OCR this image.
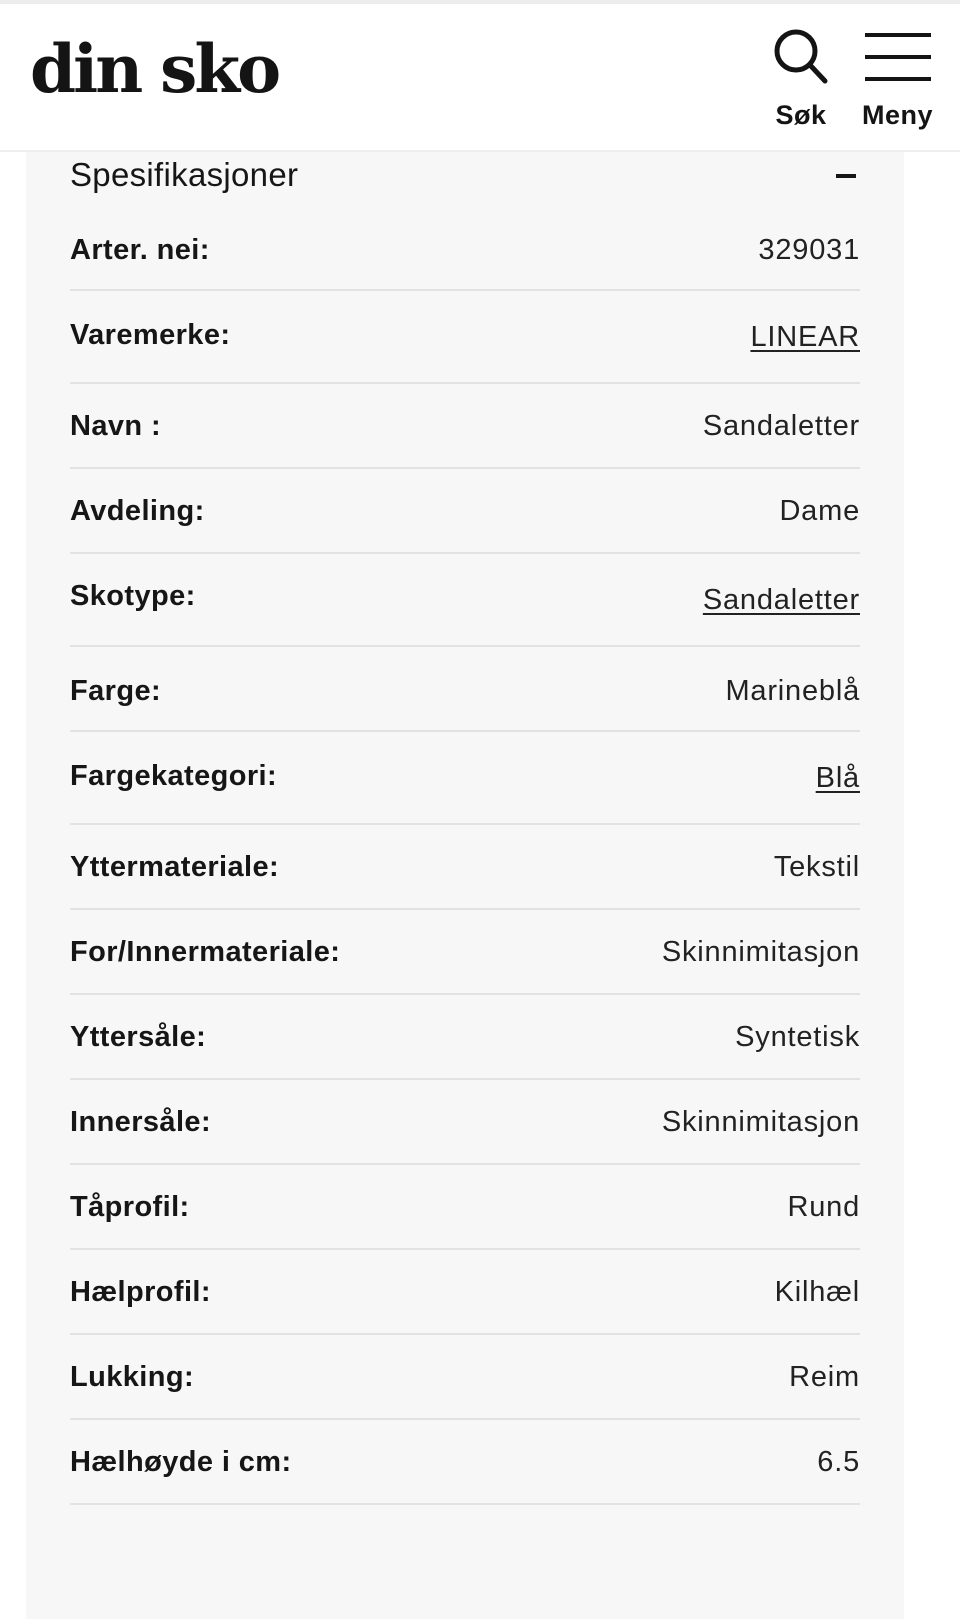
din sko
Søk Meny
Spesifikasjoner
Arter. nei:	329031
Varemerke:	LINEAR
Navn :	Sandaletter
Avdeling:	Dame
Skotype:	Sandaletter
Farge:	Marineblå
Fargekategori:	Blå
Yttermateriale:	Tekstil
For/Innermateriale:	Skinnimitasjon
Yttersåle:	Syntetisk
Innersåle:	Skinnimitasjon
Tåprofil:	Rund
Hælprofil:	Kilhæl
Lukking:	Reim
Hælhøyde i cm:	6.5
